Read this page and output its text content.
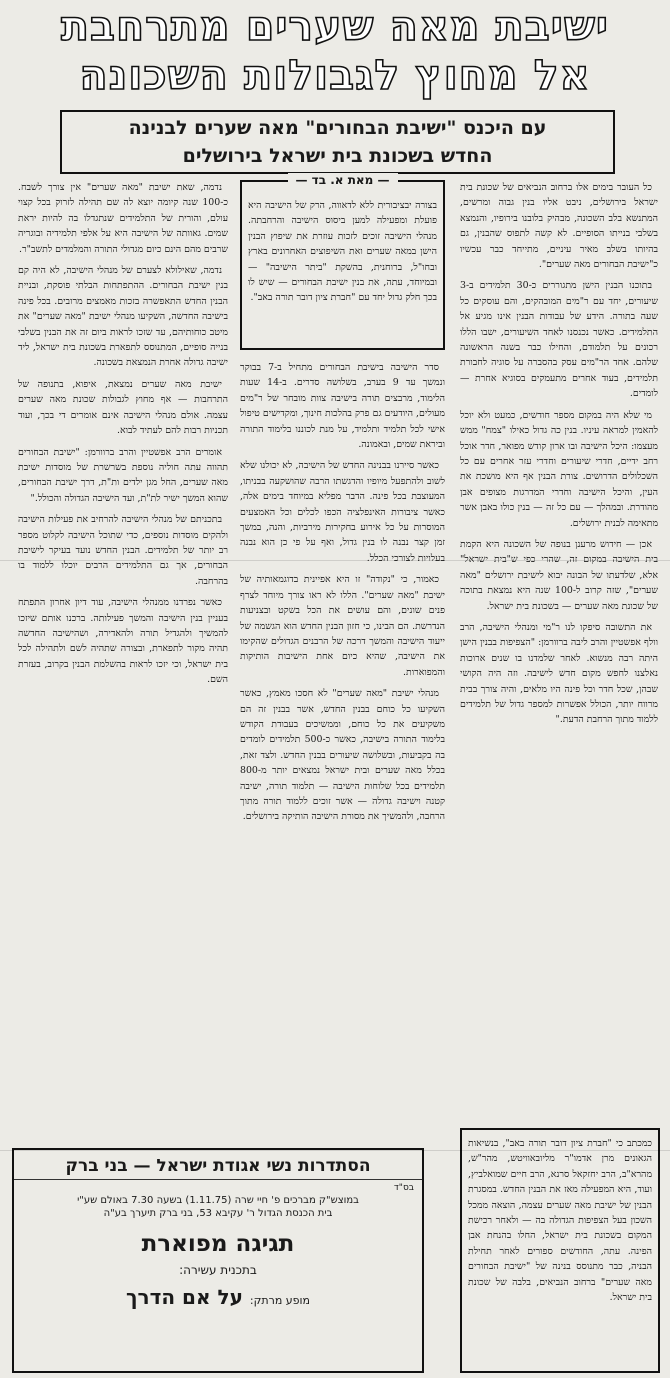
ישיבת מאה שערים מתרחבת
אל מחוץ לגבולות השכונה
עם היכנס "ישיבת הבחורים" מאה שערים לבנינה
החדש בשכונת בית ישראל בירושלים

כל העובר בימים אלו ברחוב הנביאים של שכונת בית ישראל בירושלים, ניבט אליו בנין גבוה ומרשים, המתנשא בלב השכונה, מבהיק בלובנו בירופיו, והנמצא בשלבי בנייתו הסופיים. לא קשה לתפוס שהבנין, גם בהיותו בשלב מאיר עיניים, מתייחד כבר עכשיו כ"ישיבת הבחורים מאה שערים".

בתוכנו הבנין הישן מתגוררים כ-30 תלמידים ב-3 שיעורים, יחד עם ר"מים המובהקים, והם עוסקים כל שעה בתורה. הידע של עבודות הבנין אינו מגיע אל התלמידים. כאשר נכנסנו לאחד השיעורים, ישבו הללו רכונים על תלמודם, והחילו כבר בשנה הראשונה שלהם. אחד הר"מים עסק בהסברה על סוגיה לחבורת תלמידים, בעוד אחרים מתעמקים בסוגיא אחרת — לומדים.

מי שלא היה במקום מספר חודשים, כמעט ולא יוכל להאמין למראה עיניו. בנין כה גדול כאילו "צמח" ממש מעצמו: היכל הישיבה ובו ארון קודש מפואר, חדר אוכל רחב ידיים, חדרי שיעורים וחדרי עזר אחרים עם כל השכלולים הדרושים. צורת הבנין אף היא מושכת את העין, והיכל הישיבה וחדרי המדרגות מצופים אבן מהודרת. ובמהלך — עם כל זה — בנין כולו באבן אשר מתאימה לבנית ירושלים.

אכן — חידוש מרענן בנופה של השכונה היא הקמת בית הישיבה במקום זה, שהרי כפי ש"בית ישראל" אלא, שלדעתו של הבונה יבוא לישיבת ירושלים "מאה שערים", שזה קרוב ל-100 שנה היא נמצאת בתוכה של שכונת מאה שערים — בשכונת בית ישראל.

את התשובה סיפקו לנו ר"מי ומנהלי הישיבה, הרב וולף אפשטיין והרב ליבה ברוורמן: "הצפיפות בבנין הישן היתה רבה מנשוא. לאחר שלמדנו בו שנים ארוכות נאלצנו לחפש מקום חדש לישיבה. וזה היה הקושי שבהן, שכל חדר וכל פינה היו מלאים, והיה צורך בבית מרווח יותר, הכולל אפשרות למספר גדול של תלמידים ללמוד מתוך הרחבת הדעת."

— מאת א. בד —
בצורה יבציבורית ללא לדאווה, הרק של הישיבה היא פועלת ומפעילה למען ביסוס הישיבה והרחבתה. מנהלי הישיבה זוכים לזכות עוזרת את שיפוץ הבנין הישן במאה שערים ואת השיפוצים האחרונים בארץ ובחו"ל, ברוחנית, בהשקת "ביתר הישיבה" — ובמיוחד, עתה, את בנין ישיבת הבחורים — שיש לו בכך חלק גדול יחד עם "חברת ציון דובר תורה באב".

סדר הישיבה בישיבת הבחורים מתחיל ב-7 בבוקר ונמשך עד 9 בערב, בשלושה סדרים. ב-14 שעות הלימוד, מרבצים תורה בישיבה צוות מובחר של ר"מים מעולים, היודעים גם פרק בהלכות חינוך, ומקדישים טיפול אישי לכל תלמיד ותלמיד, על מנת לכוננו בלימוד התורה וביראת שמים, ובאמונה.

כאשר סיירנו בבנינה החדש של הישיבה, לא יכולנו שלא לשוב ולהתפעל מיופיו והדגשתו הרבה שהושקעה בבניתו, המעוצבת בכל פינה. הדבר מפליא במיוחד בימים אלה, כאשר ציבורות האינפלציה הכפו לכלים וכל האמצעים המוסרות על כל אירוע בחקירות מירביות, והנה, במשך זמן קצר נבנה לו בנין גדול, ואף על פי כן הוא נבנה בעלויות לצורכי הכלל.

כאמור, כי "נקודה" זו היא אפיינית בדוגמאותיה של ישיבת "מאה שערים". הללו לא ראו צורך מיוחד לצרף פנים שונים, והם עושים את הכל בשקט ובצניעות הנדרשת. הם הבינו, כי חזון הבנין החדש הוא הגשמה של ייעוד הישיבה והמשך דרכה של הרבנים הגדולים שהקימו את הישיבה, שהיא כיום אחת הישיבות הותיקות והמפוארות.

מנהלי ישיבת "מאה שערים" לא חסכו מאמץ, כאשר השקיעו כל כוחם בבנין החדש, אשר בבנין זה הם משקיעים את כל כוחם, וממשיכים בעבודת הקודש בלימוד התורה בישיבה, כאשר כ-500 תלמידים לומדים בה בקביעות, ובשלושה שיעורים בבנין החדש. ולצד זאת, בכלל מאה שערים ובית ישראל נמצאים יותר מ-800 תלמידים בכל שלוחות הישיבה — תלמוד תורה, ישיבה קטנה וישיבה גדולה — אשר זוכים ללמוד תורה מתוך הרחבה, ולהמשיך את מסורת הישיבה הותיקה בירושלים.

נדמה, שאת ישיבת "מאה שערים" אין צורך לשבח. כ-100 שנה קיומה יוצא לה שם תהילה לזרוק בכל קצוי עולם, והורית של התלמידים שנתגדלו בה להיות יראת שמים. גאוותה של הישיבה היא על אלפי תלמידיה ובוגריה שרבים מהם הינם כיום מגדולי התורה והמלמדים לתשב"ר.

נדמה, שאילולא לצערם של מנהלי הישיבה, לא היה קם בנין ישיבת הבחורים. ההתפתחות הבלתי פוסקת, ובניית הבנין החדש התאפשרה בזכות מאמצים מרובים. בכל פינה בישיבה החדשה, השקיעו מנהלי ישיבת "מאה שערים" את מיטב כוחותיהם, עד שזכו לראות ביום זה את הבנין בשלבי בנייה סופיים, המתנוסס לתפארת בשכונת בית ישראל, ליד ישיבה גדולה אחרת הנמצאת בשכונה.

ישיבת מאה שערים נמצאת, איפוא, בתנופה של התרחבות — אף מחוץ לגבולות שכונת מאה שערים עצמה. אולם מנהלי הישיבה אינם אומרים די בכך, ועוד תכניות רבות להם לעתיד לבוא.

אומרים הרב אפשטיין והרב ברוורמן: "ישיבת הבחורים תהווה עתה חוליה נוספת בשרשרת של מוסדות ישיבת מאה שערים, החל מגן ילדים ות"ת, דרך ישיבת הבחורים, שהוא המשך ישיר לת"ת, ועד הישיבה הגדולה והכולל."

בתכניתם של מנהלי הישיבה להרחיב את פעילות הישיבה ולהקים מוסדות נוספים, כדי שתוכל הישיבה לקלוט מספר רב יותר של תלמידים. הבנין החדש נועד בעיקר לישיבת הבחורים, אך גם התלמידים הרבים יוכלו ללמוד בו בהרחבה.

כאשר נפרדנו ממנהלי הישיבה, עוד דיון אחרון התפתח בעניין בנין הישיבה והמשך פעילותה. ברכנו אותם שיזכו להמשיך ולהגדיל תורה ולהאדירה, ושהישיבה החדשה תהיה מקור לתפארת, ובצורה שתהיה לשם ולתהילה לכל בית ישראל, וכי יזכו לראות בהשלמת הבנין בקרוב, בעזרת השם.

כמכתב כי "חברת ציון דובר תורה באב", בנשיאות הגאונים מרן אדמו"ר מליובאוויטש, מהר"ש, מהרא"ב, הרב יחזקאל סרנא, הרב חיים שמואלביץ, ועוד, היא המפעילה מאז את הבנין החדש. במסגרת הבנין של ישיבת מאה שערים עצמה, הוצאה ממכל השכון בעל הצפיפות הגדולה בה — ולאחר רכישת המקום בשכונת בית ישראל, החלו בהנחת אבן הפינה. עתה, החודשים ספורים לאחר תחילת הבניה, כבר מתנוסס בנינה של "ישיבת הבחורים מאה שערים" ברחוב הנביאים, בלבה של שכונת בית ישראל.
הסתדרות נשי אגודת ישראל — בני ברק
בס"ד
במוצש"ק מברכים פ' חיי שרה (1.11.75) בשעה 7.30 באולם שע"י
בית הכנסת הגדול ר' עקיבא 53, בני ברק תיערך בע"ה
תגיגה מפוארת
בתכנית עשירה:
מופע מרתק: על אם הדרך
